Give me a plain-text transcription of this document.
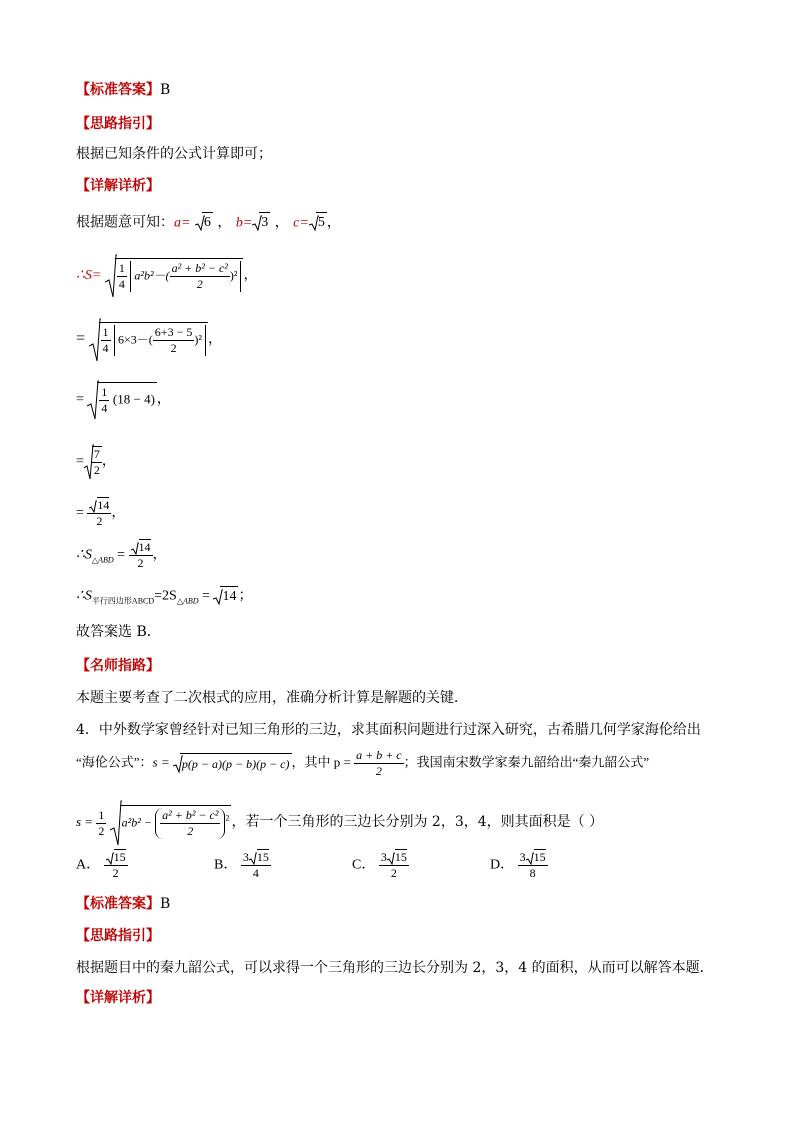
【标准答案】B
【思路指引】
根据已知条件的公式计算即可；
【详解详析】
根据题意可知：a= 6 ， b= 3 ， c= 5 ，
∴S= $\frac{1}{4} a^2b^2-( \frac{\text{a² + b² − c²}}{2} )^2$ ，
= $\frac{1}{4} 6\times 3-( \frac{6+3 - 5}{2} )^2$ ，
= $\frac{1}{4} (18 - 4)$ ，
= $\frac{7}{2}$ ，
= $\frac{14}{2}$ ，
$\therefore S_{\triangle ABD} = \frac{14}{2}$ ，
$\therefore S_{平行四边形ABCD}=2S_{\triangle ABD} = 14$ ；
故答案选 B．
【名师指路】
本题主要考查了二次根式的应用，准确分析计算是解题的关键．
4．中外数学家曾经针对已知三角形的三边，求其面积问题进行过深入研究，古希腊几何学家海伦给出
“海伦公式”：s = p(p − a)(p − b)(p − c) ，其中 $p = \frac{a + b + c}{2}$ ；我国南宋数学家秦九韶给出“秦九韶公式”
$s = \frac{1}{2} a^2b^2 - \frac{\text{a² + b² − c²}}{2} ^2$ ，若一个三角形的三边长分别为 2，3，4，则其面积是（ ）
A． $\frac{15}{2}$	B． $\frac{3 15}{4}$	C． $\frac{3 15}{2}$	D． $\frac{3 15}{8}$
【标准答案】B
【思路指引】
根据题目中的秦九韶公式，可以求得一个三角形的三边长分别为 2，3，4 的面积，从而可以解答本题．
【详解详析】
